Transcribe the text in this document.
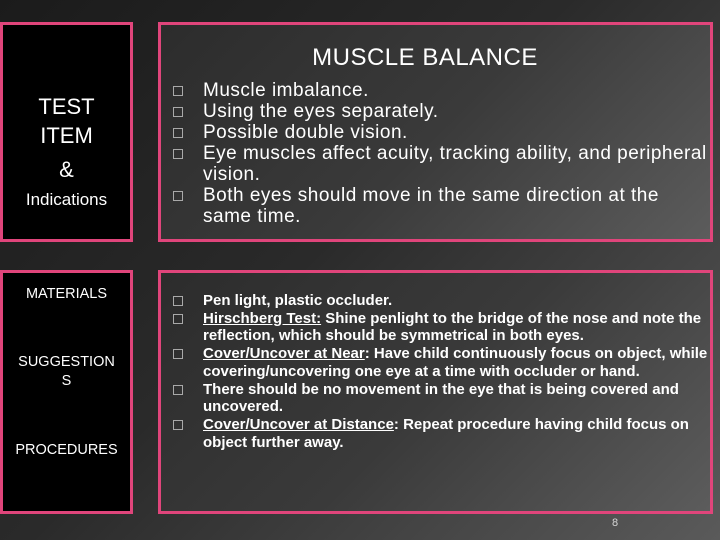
MUSCLE BALANCE
TEST
ITEM
&
Indications
MATERIALS
SUGGESTION
S
PROCEDURES
Muscle imbalance.
Using the eyes separately.
Possible double vision.
Eye muscles affect acuity, tracking ability, and peripheral vision.
Both eyes should move in the same direction at the same time.
Pen light, plastic occluder.
Hirschberg Test: Shine penlight to the bridge of the nose and note the reflection, which should be symmetrical in both eyes.
Cover/Uncover at Near: Have child continuously focus on object, while covering/uncovering one eye at a time with occluder or hand.
There should be no movement in the eye that is being covered and uncovered.
Cover/Uncover at Distance: Repeat procedure having child focus on object further away.
8
